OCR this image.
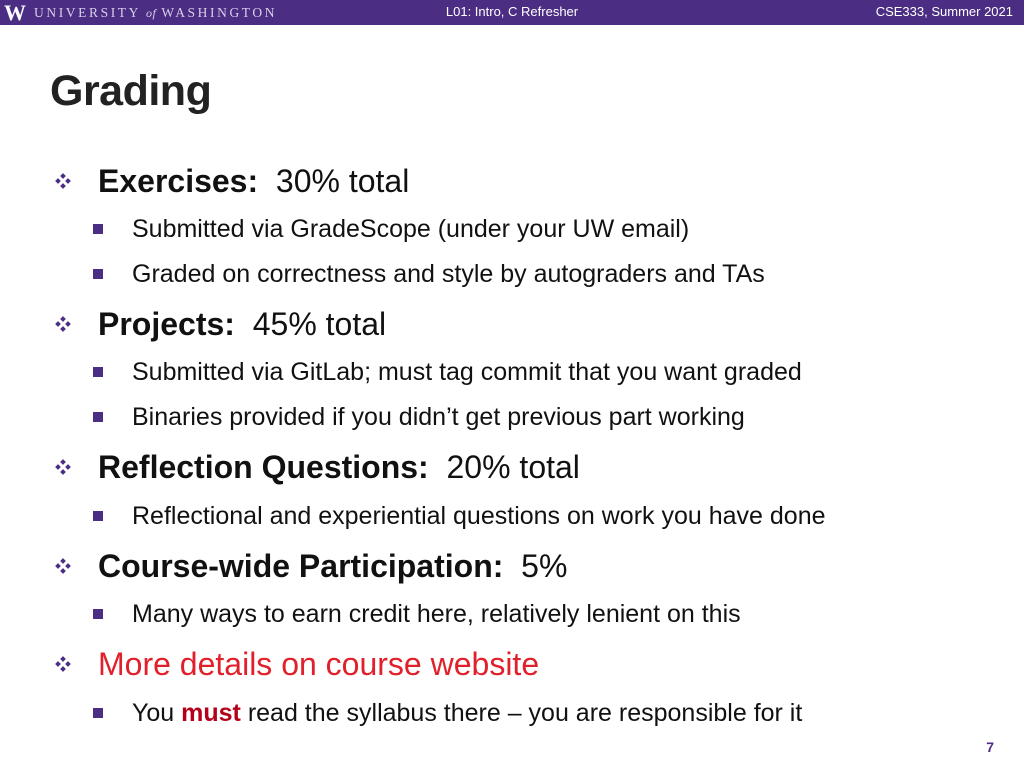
W UNIVERSITY of WASHINGTON	L01: Intro, C Refresher	CSE333, Summer 2021
Grading
Exercises: 30% total
Submitted via GradeScope (under your UW email)
Graded on correctness and style by autograders and TAs
Projects: 45% total
Submitted via GitLab; must tag commit that you want graded
Binaries provided if you didn’t get previous part working
Reflection Questions: 20% total
Reflectional and experiential questions on work you have done
Course-wide Participation: 5%
Many ways to earn credit here, relatively lenient on this
More details on course website
You must read the syllabus there – you are responsible for it
7
